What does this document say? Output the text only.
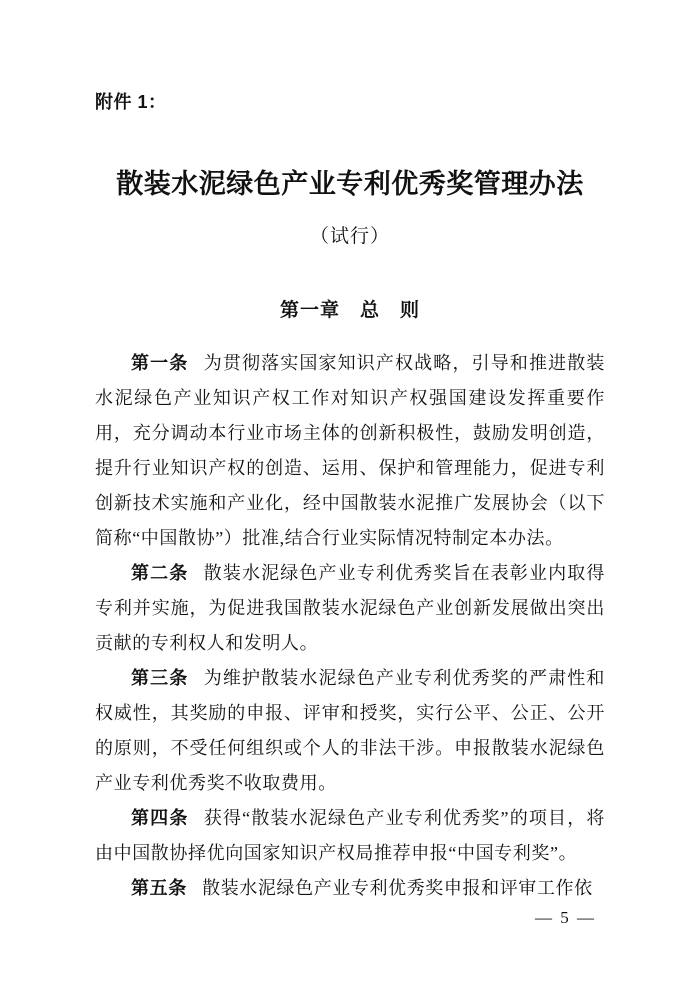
附件 1：
散装水泥绿色产业专利优秀奖管理办法
（试行）
第一章　总　则

第一条 为贯彻落实国家知识产权战略，引导和推进散装水泥绿色产业知识产权工作对知识产权强国建设发挥重要作用，充分调动本行业市场主体的创新积极性，鼓励发明创造，提升行业知识产权的创造、运用、保护和管理能力，促进专利创新技术实施和产业化，经中国散装水泥推广发展协会（以下简称“中国散协”）批准,结合行业实际情况特制定本办法。

第二条 散装水泥绿色产业专利优秀奖旨在表彰业内取得专利并实施，为促进我国散装水泥绿色产业创新发展做出突出贡献的专利权人和发明人。

第三条 为维护散装水泥绿色产业专利优秀奖的严肃性和权威性，其奖励的申报、评审和授奖，实行公平、公正、公开的原则，不受任何组织或个人的非法干涉。申报散装水泥绿色产业专利优秀奖不收取费用。

第四条 获得“散装水泥绿色产业专利优秀奖”的项目，将由中国散协择优向国家知识产权局推荐申报“中国专利奖”。

第五条 散装水泥绿色产业专利优秀奖申报和评审工作依

— 5 —
